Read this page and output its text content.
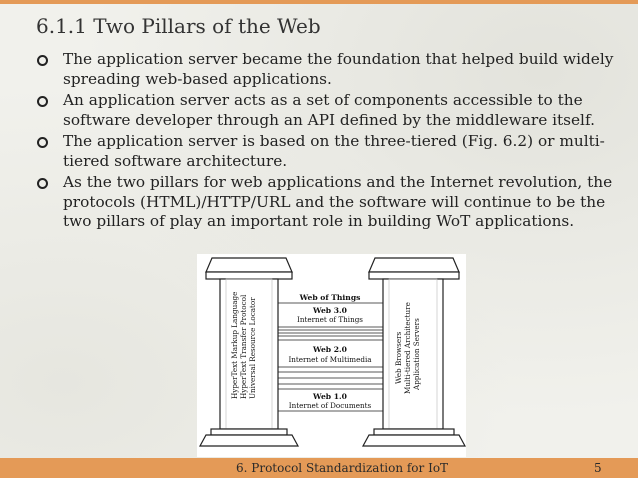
6.1.1 Two Pillars of the Web
The application server became the foundation that helped build widely spreading web-based applications.
An application server acts as a set of components accessible to the software developer through an API defined by the middleware itself.
The application server is based on the three-tiered (Fig. 6.2) or multi-tiered software architecture.
As the two pillars for web applications and the Internet revolution, the protocols (HTML)/HTTP/URL and the software will continue to be the two pillars of play an important role in building WoT applications.
HyperText Markup Language HyperText Transfer Protocol Universal Resource Locator	Web Browsers Multi-tiered Architecture Application Servers
Web of Things
Web 3.0
Internet of Things
Web 2.0
Internet of Multimedia
Web 1.0
Internet of Documents
6. Protocol Standardization for IoT	5
